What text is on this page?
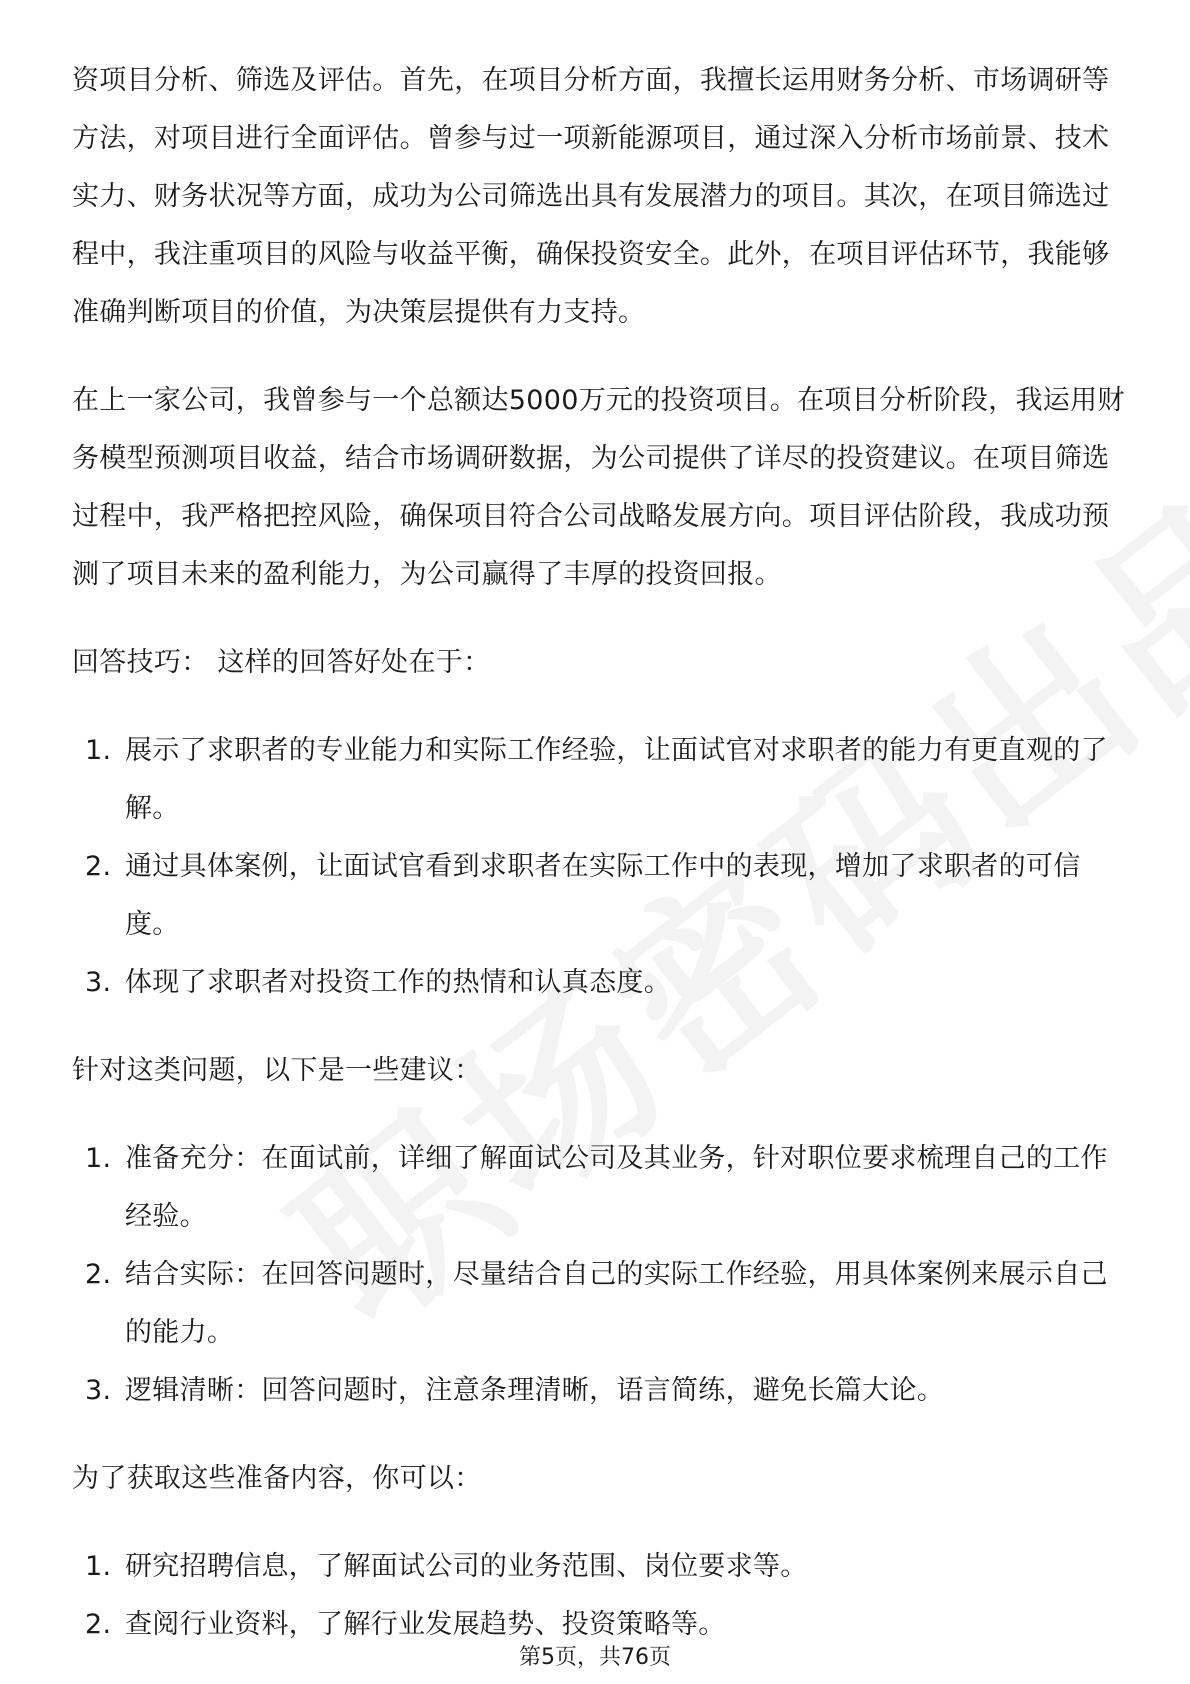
资项目分析、筛选及评估。首先，在项目分析方面，我擅长运用财务分析、市场调研等方法，对项目进行全面评估。曾参与过一项新能源项目，通过深入分析市场前景、技术实力、财务状况等方面，成功为公司筛选出具有发展潜力的项目。其次，在项目筛选过程中，我注重项目的风险与收益平衡，确保投资安全。此外，在项目评估环节，我能够准确判断项目的价值，为决策层提供有力支持。

在上一家公司，我曾参与一个总额达5000万元的投资项目。在项目分析阶段，我运用财务模型预测项目收益，结合市场调研数据，为公司提供了详尽的投资建议。在项目筛选过程中，我严格把控风险，确保项目符合公司战略发展方向。项目评估阶段，我成功预测了项目未来的盈利能力，为公司赢得了丰厚的投资回报。

回答技巧： 这样的回答好处在于：

1. 展示了求职者的专业能力和实际工作经验，让面试官对求职者的能力有更直观的了解。
2. 通过具体案例，让面试官看到求职者在实际工作中的表现，增加了求职者的可信度。
3. 体现了求职者对投资工作的热情和认真态度。

针对这类问题，以下是一些建议：

1. 准备充分：在面试前，详细了解面试公司及其业务，针对职位要求梳理自己的工作经验。
2. 结合实际：在回答问题时，尽量结合自己的实际工作经验，用具体案例来展示自己的能力。
3. 逻辑清晰：回答问题时，注意条理清晰，语言简练，避免长篇大论。

为了获取这些准备内容，你可以：

1. 研究招聘信息，了解面试公司的业务范围、岗位要求等。
2. 查阅行业资料，了解行业发展趋势、投资策略等。
第5页，共76页
